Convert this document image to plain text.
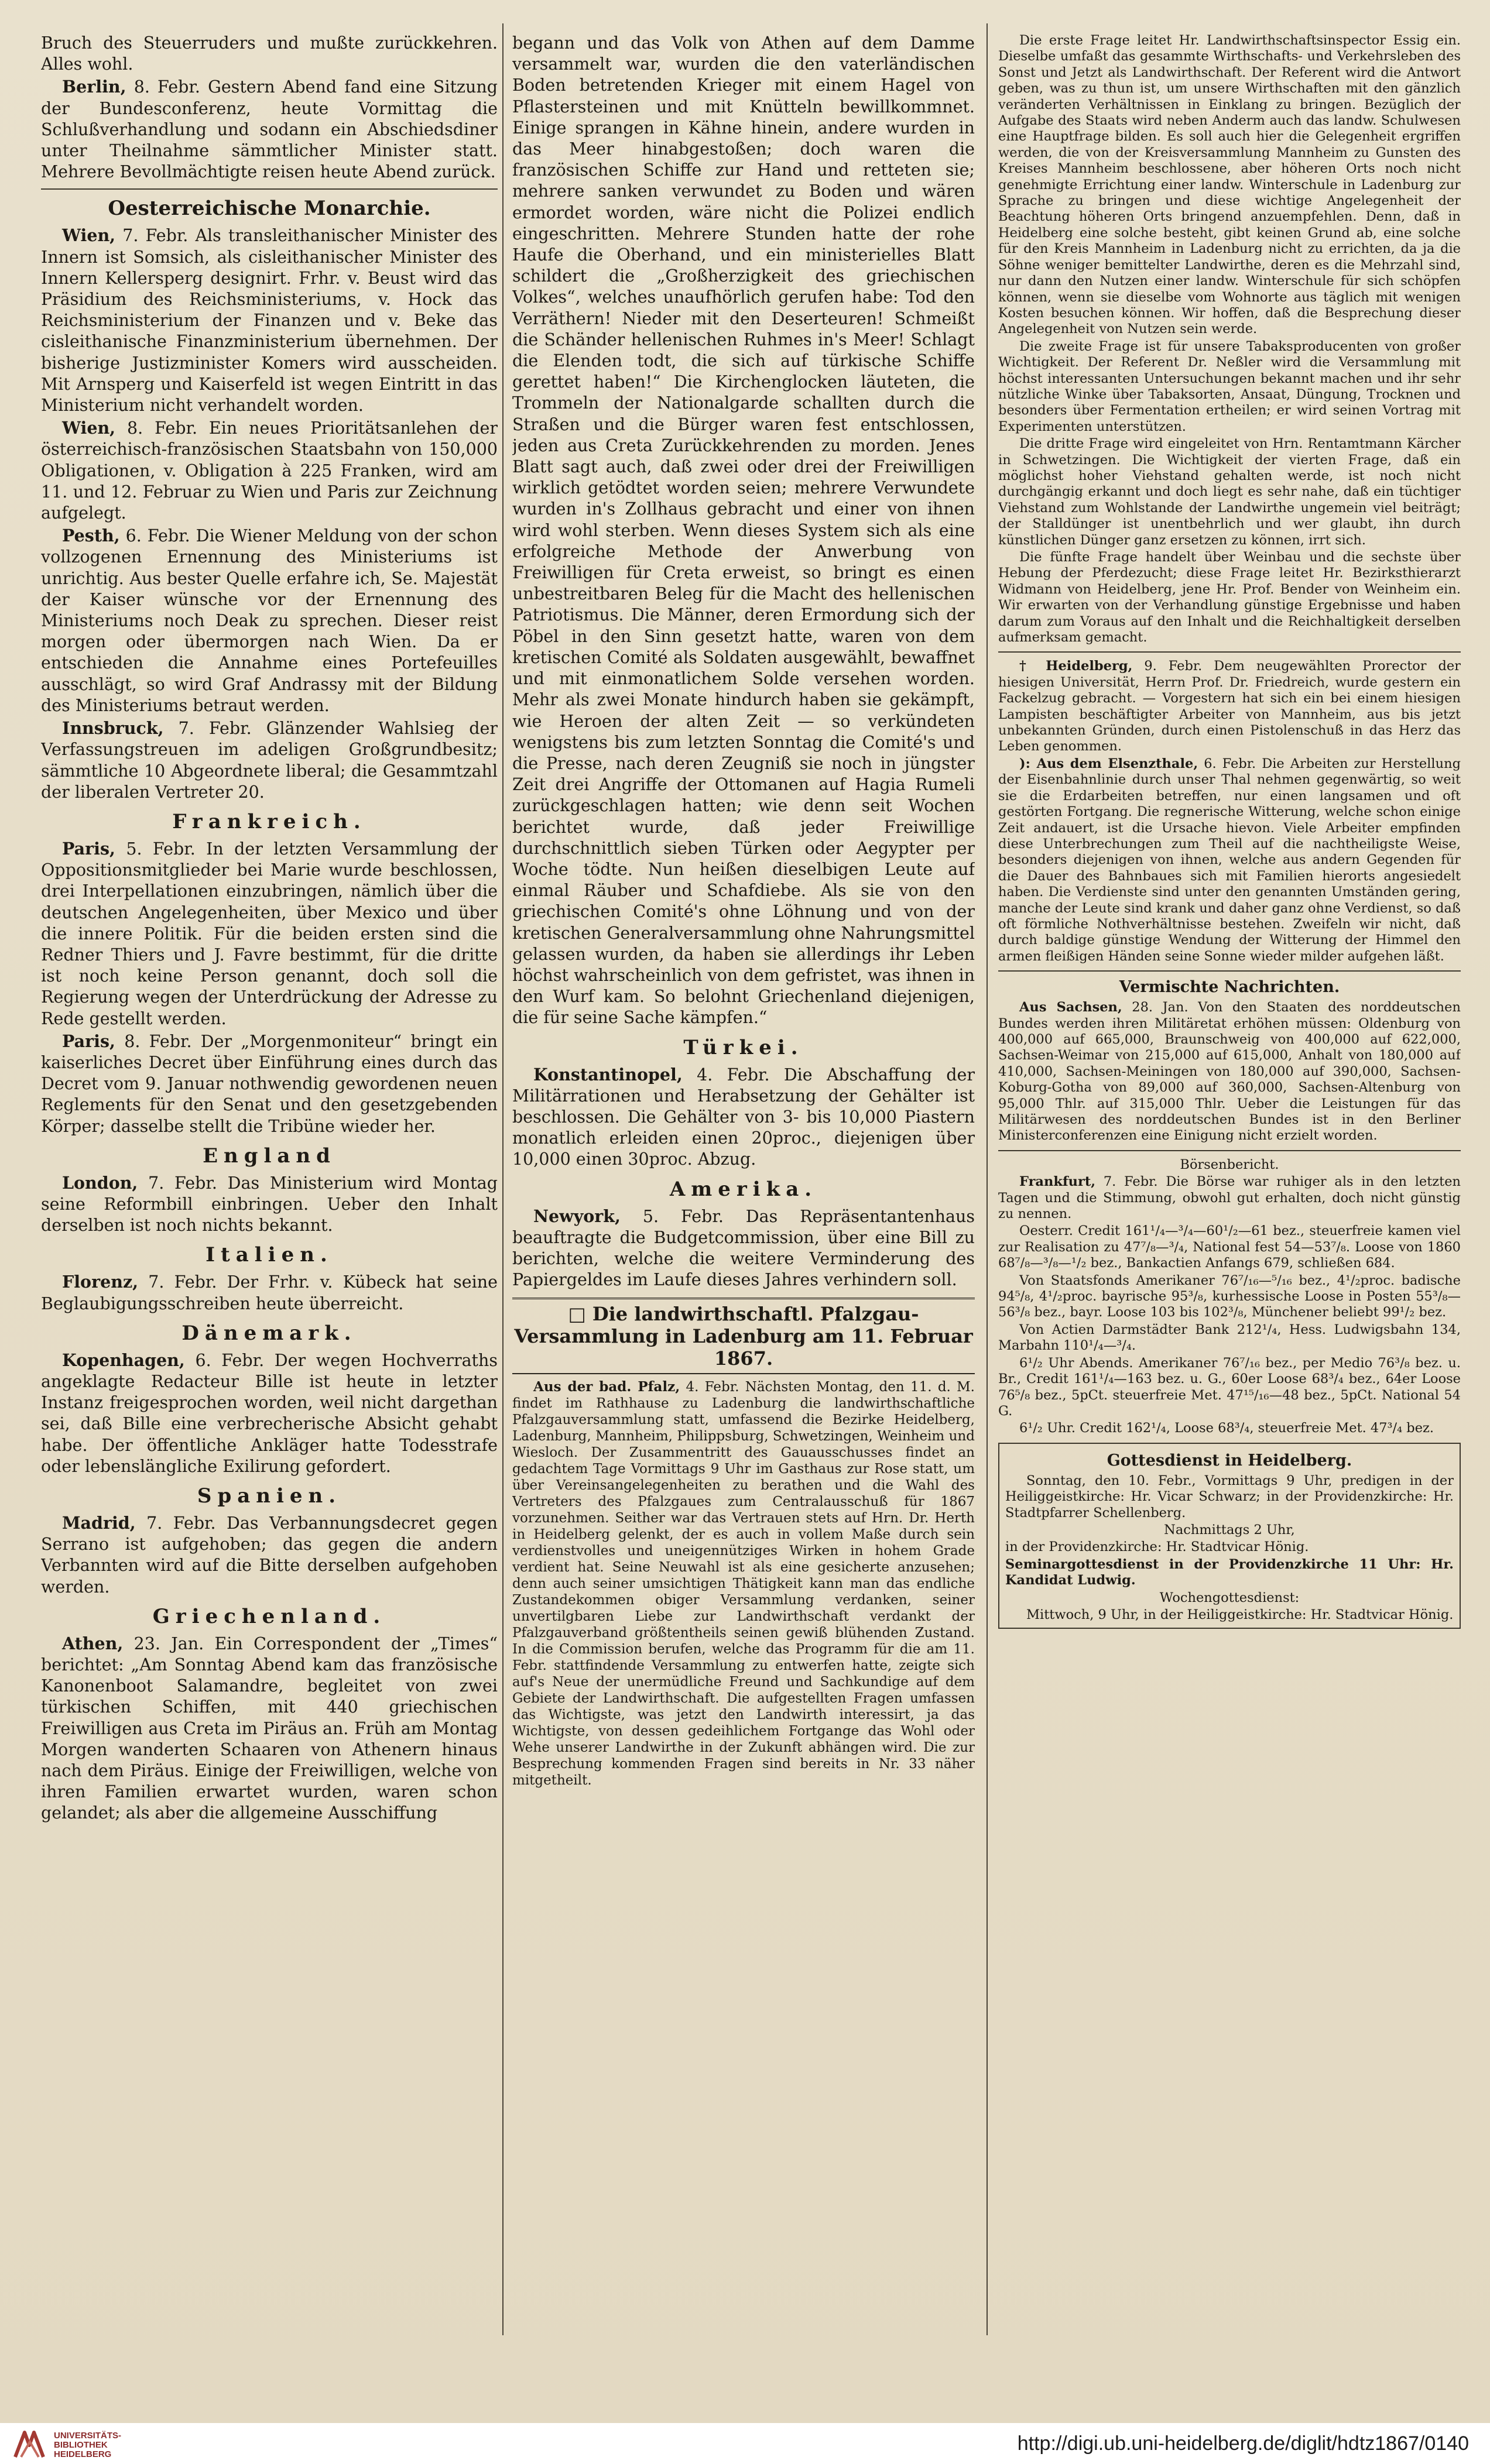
Bruch des Steuerruders und mußte zurückkehren. Alles wohl.

Berlin, 8. Febr. Gestern Abend fand eine Sitzung der Bundesconferenz, heute Vormittag die Schlußverhandlung und sodann ein Abschiedsdiner unter Theilnahme sämmtlicher Minister statt. Mehrere Bevollmächtigte reisen heute Abend zurück.

Oesterreichische Monarchie.

Wien, 7. Febr. Als transleithanischer Minister des Innern ist Somsich, als cisleithanischer Minister des Innern Kellersperg designirt. Frhr. v. Beust wird das Präsidium des Reichsministeriums, v. Hock das Reichsministerium der Finanzen und v. Beke das cisleithanische Finanzministerium übernehmen. Der bisherige Justizminister Komers wird ausscheiden. Mit Arnsperg und Kaiserfeld ist wegen Eintritt in das Ministerium nicht verhandelt worden.

Wien, 8. Febr. Ein neues Prioritätsanlehen der österreichisch-französischen Staatsbahn von 150,000 Obligationen, v. Obligation à 225 Franken, wird am 11. und 12. Februar zu Wien und Paris zur Zeichnung aufgelegt.

Pesth, 6. Febr. Die Wiener Meldung von der schon vollzogenen Ernennung des Ministeriums ist unrichtig. Aus bester Quelle erfahre ich, Se. Majestät der Kaiser wünsche vor der Ernennung des Ministeriums noch Deak zu sprechen. Dieser reist morgen oder übermorgen nach Wien. Da er entschieden die Annahme eines Portefeuilles ausschlägt, so wird Graf Andrassy mit der Bildung des Ministeriums betraut werden.

Innsbruck, 7. Febr. Glänzender Wahlsieg der Verfassungstreuen im adeligen Großgrundbesitz; sämmtliche 10 Abgeordnete liberal; die Gesammtzahl der liberalen Vertreter 20.

Frankreich.

Paris, 5. Febr. In der letzten Versammlung der Oppositionsmitglieder bei Marie wurde beschlossen, drei Interpellationen einzubringen, nämlich über die deutschen Angelegenheiten, über Mexico und über die innere Politik. Für die beiden ersten sind die Redner Thiers und J. Favre bestimmt, für die dritte ist noch keine Person genannt, doch soll die Regierung wegen der Unterdrückung der Adresse zu Rede gestellt werden.

Paris, 8. Febr. Der „Morgenmoniteur“ bringt ein kaiserliches Decret über Einführung eines durch das Decret vom 9. Januar nothwendig gewordenen neuen Reglements für den Senat und den gesetzgebenden Körper; dasselbe stellt die Tribüne wieder her.

England

London, 7. Febr. Das Ministerium wird Montag seine Reformbill einbringen. Ueber den Inhalt derselben ist noch nichts bekannt.

Italien.

Florenz, 7. Febr. Der Frhr. v. Kübeck hat seine Beglaubigungsschreiben heute überreicht.

Dänemark.

Kopenhagen, 6. Febr. Der wegen Hochverraths angeklagte Redacteur Bille ist heute in letzter Instanz freigesprochen worden, weil nicht dargethan sei, daß Bille eine verbrecherische Absicht gehabt habe. Der öffentliche Ankläger hatte Todesstrafe oder lebenslängliche Exilirung gefordert.

Spanien.

Madrid, 7. Febr. Das Verbannungsdecret gegen Serrano ist aufgehoben; das gegen die andern Verbannten wird auf die Bitte derselben aufgehoben werden.

Griechenland.

Athen, 23. Jan. Ein Correspondent der „Times“ berichtet: „Am Sonntag Abend kam das französische Kanonenboot Salamandre, begleitet von zwei türkischen Schiffen, mit 440 griechischen Freiwilligen aus Creta im Piräus an. Früh am Montag Morgen wanderten Schaaren von Athenern hinaus nach dem Piräus. Einige der Freiwilligen, welche von ihren Familien erwartet wurden, waren schon gelandet; als aber die allgemeine Ausschiffung

begann und das Volk von Athen auf dem Damme versammelt war, wurden die den vaterländischen Boden betretenden Krieger mit einem Hagel von Pflastersteinen und mit Knütteln bewillkommnet. Einige sprangen in Kähne hinein, andere wurden in das Meer hinabgestoßen; doch waren die französischen Schiffe zur Hand und retteten sie; mehrere sanken verwundet zu Boden und wären ermordet worden, wäre nicht die Polizei endlich eingeschritten. Mehrere Stunden hatte der rohe Haufe die Oberhand, und ein ministerielles Blatt schildert die „Großherzigkeit des griechischen Volkes“, welches unaufhörlich gerufen habe: Tod den Verräthern! Nieder mit den Deserteuren! Schmeißt die Schänder hellenischen Ruhmes in's Meer! Schlagt die Elenden todt, die sich auf türkische Schiffe gerettet haben!“ Die Kirchenglocken läuteten, die Trommeln der Nationalgarde schallten durch die Straßen und die Bürger waren fest entschlossen, jeden aus Creta Zurückkehrenden zu morden. Jenes Blatt sagt auch, daß zwei oder drei der Freiwilligen wirklich getödtet worden seien; mehrere Verwundete wurden in's Zollhaus gebracht und einer von ihnen wird wohl sterben. Wenn dieses System sich als eine erfolgreiche Methode der Anwerbung von Freiwilligen für Creta erweist, so bringt es einen unbestreitbaren Beleg für die Macht des hellenischen Patriotismus. Die Männer, deren Ermordung sich der Pöbel in den Sinn gesetzt hatte, waren von dem kretischen Comité als Soldaten ausgewählt, bewaffnet und mit einmonatlichem Solde versehen worden. Mehr als zwei Monate hindurch haben sie gekämpft, wie Heroen der alten Zeit — so verkündeten wenigstens bis zum letzten Sonntag die Comité's und die Presse, nach deren Zeugniß sie noch in jüngster Zeit drei Angriffe der Ottomanen auf Hagia Rumeli zurückgeschlagen hatten; wie denn seit Wochen berichtet wurde, daß jeder Freiwillige durchschnittlich sieben Türken oder Aegypter per Woche tödte. Nun heißen dieselbigen Leute auf einmal Räuber und Schafdiebe. Als sie von den griechischen Comité's ohne Löhnung und von der kretischen Generalversammlung ohne Nahrungsmittel gelassen wurden, da haben sie allerdings ihr Leben höchst wahrscheinlich von dem gefristet, was ihnen in den Wurf kam. So belohnt Griechenland diejenigen, die für seine Sache kämpfen.“

Türkei.

Konstantinopel, 4. Febr. Die Abschaffung der Militärrationen und Herabsetzung der Gehälter ist beschlossen. Die Gehälter von 3- bis 10,000 Piastern monatlich erleiden einen 20proc., diejenigen über 10,000 einen 30proc. Abzug.

Amerika.

Newyork, 5. Febr. Das Repräsentantenhaus beauftragte die Budgetcommission, über eine Bill zu berichten, welche die weitere Verminderung des Papiergeldes im Laufe dieses Jahres verhindern soll.

□ Die landwirthschaftl. Pfalzgau-Versammlung in Ladenburg am 11. Februar 1867.

Aus der bad. Pfalz, 4. Febr. Nächsten Montag, den 11. d. M. findet im Rathhause zu Ladenburg die landwirthschaftliche Pfalzgauversammlung statt, umfassend die Bezirke Heidelberg, Ladenburg, Mannheim, Philippsburg, Schwetzingen, Weinheim und Wiesloch. Der Zusammentritt des Gauausschusses findet an gedachtem Tage Vormittags 9 Uhr im Gasthaus zur Rose statt, um über Vereinsangelegenheiten zu berathen und die Wahl des Vertreters des Pfalzgaues zum Centralausschuß für 1867 vorzunehmen. Seither war das Vertrauen stets auf Hrn. Dr. Herth in Heidelberg gelenkt, der es auch in vollem Maße durch sein verdienstvolles und uneigennütziges Wirken in hohem Grade verdient hat. Seine Neuwahl ist als eine gesicherte anzusehen; denn auch seiner umsichtigen Thätigkeit kann man das endliche Zustandekommen obiger Versammlung verdanken, seiner unvertilgbaren Liebe zur Landwirthschaft verdankt der Pfalzgauverband größtentheils seinen gewiß blühenden Zustand. In die Commission berufen, welche das Programm für die am 11. Febr. stattfindende Versammlung zu entwerfen hatte, zeigte sich auf's Neue der unermüdliche Freund und Sachkundige auf dem Gebiete der Landwirthschaft. Die aufgestellten Fragen umfassen das Wichtigste, was jetzt den Landwirth interessirt, ja das Wichtigste, von dessen gedeihlichem Fortgange das Wohl oder Wehe unserer Landwirthe in der Zukunft abhängen wird. Die zur Besprechung kommenden Fragen sind bereits in Nr. 33 näher mitgetheilt.

Die erste Frage leitet Hr. Landwirthschaftsinspector Essig ein. Dieselbe umfaßt das gesammte Wirthschafts- und Verkehrsleben des Sonst und Jetzt als Landwirthschaft. Der Referent wird die Antwort geben, was zu thun ist, um unsere Wirthschaften mit den gänzlich veränderten Verhältnissen in Einklang zu bringen. Bezüglich der Aufgabe des Staats wird neben Anderm auch das landw. Schulwesen eine Hauptfrage bilden. Es soll auch hier die Gelegenheit ergriffen werden, die von der Kreisversammlung Mannheim zu Gunsten des Kreises Mannheim beschlossene, aber höheren Orts noch nicht genehmigte Errichtung einer landw. Winterschule in Ladenburg zur Sprache zu bringen und diese wichtige Angelegenheit der Beachtung höheren Orts bringend anzuempfehlen. Denn, daß in Heidelberg eine solche besteht, gibt keinen Grund ab, eine solche für den Kreis Mannheim in Ladenburg nicht zu errichten, da ja die Söhne weniger bemittelter Landwirthe, deren es die Mehrzahl sind, nur dann den Nutzen einer landw. Winterschule für sich schöpfen können, wenn sie dieselbe vom Wohnorte aus täglich mit wenigen Kosten besuchen können. Wir hoffen, daß die Besprechung dieser Angelegenheit von Nutzen sein werde.

Die zweite Frage ist für unsere Tabaksproducenten von großer Wichtigkeit. Der Referent Dr. Neßler wird die Versammlung mit höchst interessanten Untersuchungen bekannt machen und ihr sehr nützliche Winke über Tabaksorten, Ansaat, Düngung, Trocknen und besonders über Fermentation ertheilen; er wird seinen Vortrag mit Experimenten unterstützen.

Die dritte Frage wird eingeleitet von Hrn. Rentamtmann Kärcher in Schwetzingen. Die Wichtigkeit der vierten Frage, daß ein möglichst hoher Viehstand gehalten werde, ist noch nicht durchgängig erkannt und doch liegt es sehr nahe, daß ein tüchtiger Viehstand zum Wohlstande der Landwirthe ungemein viel beiträgt; der Stalldünger ist unentbehrlich und wer glaubt, ihn durch künstlichen Dünger ganz ersetzen zu können, irrt sich.

Die fünfte Frage handelt über Weinbau und die sechste über Hebung der Pferdezucht; diese Frage leitet Hr. Bezirksthierarzt Widmann von Heidelberg, jene Hr. Prof. Bender von Weinheim ein. Wir erwarten von der Verhandlung günstige Ergebnisse und haben darum zum Voraus auf den Inhalt und die Reichhaltigkeit derselben aufmerksam gemacht.

† Heidelberg, 9. Febr. Dem neugewählten Prorector der hiesigen Universität, Herrn Prof. Dr. Friedreich, wurde gestern ein Fackelzug gebracht. — Vorgestern hat sich ein bei einem hiesigen Lampisten beschäftigter Arbeiter von Mannheim, aus bis jetzt unbekannten Gründen, durch einen Pistolenschuß in das Herz das Leben genommen.

): Aus dem Elsenzthale, 6. Febr. Die Arbeiten zur Herstellung der Eisenbahnlinie durch unser Thal nehmen gegenwärtig, so weit sie die Erdarbeiten betreffen, nur einen langsamen und oft gestörten Fortgang. Die regnerische Witterung, welche schon einige Zeit andauert, ist die Ursache hievon. Viele Arbeiter empfinden diese Unterbrechungen zum Theil auf die nachtheiligste Weise, besonders diejenigen von ihnen, welche aus andern Gegenden für die Dauer des Bahnbaues sich mit Familien hierorts angesiedelt haben. Die Verdienste sind unter den genannten Umständen gering, manche der Leute sind krank und daher ganz ohne Verdienst, so daß oft förmliche Nothverhältnisse bestehen. Zweifeln wir nicht, daß durch baldige günstige Wendung der Witterung der Himmel den armen fleißigen Händen seine Sonne wieder milder aufgehen läßt.

Vermischte Nachrichten.

Aus Sachsen, 28. Jan. Von den Staaten des norddeutschen Bundes werden ihren Militäretat erhöhen müssen: Oldenburg von 400,000 auf 665,000, Braunschweig von 400,000 auf 622,000, Sachsen-Weimar von 215,000 auf 615,000, Anhalt von 180,000 auf 410,000, Sachsen-Meiningen von 180,000 auf 390,000, Sachsen-Koburg-Gotha von 89,000 auf 360,000, Sachsen-Altenburg von 95,000 Thlr. auf 315,000 Thlr. Ueber die Leistungen für das Militärwesen des norddeutschen Bundes ist in den Berliner Ministerconferenzen eine Einigung nicht erzielt worden.

Börsenbericht.

Frankfurt, 7. Febr. Die Börse war ruhiger als in den letzten Tagen und die Stimmung, obwohl gut erhalten, doch nicht günstig zu nennen.

Oesterr. Credit 161¹/₄—³/₄—60¹/₂—61 bez., steuerfreie kamen viel zur Realisation zu 47⁷/₈—³/₄, National fest 54—53⁷/₈. Loose von 1860 68⁷/₈—³/₈—¹/₂ bez., Bankactien Anfangs 679, schließen 684.

Von Staatsfonds Amerikaner 76⁷/₁₆—⁵/₁₆ bez., 4¹/₂proc. badische 94⁵/₈, 4¹/₂proc. bayrische 95³/₈, kurhessische Loose in Posten 55³/₈—56³/₈ bez., bayr. Loose 103 bis 102³/₈, Münchener beliebt 99¹/₂ bez.

Von Actien Darmstädter Bank 212¹/₄, Hess. Ludwigsbahn 134, Marbahn 110¹/₄—³/₄.

6¹/₂ Uhr Abends. Amerikaner 76⁷/₁₆ bez., per Medio 76³/₈ bez. u. Br., Credit 161¹/₄—163 bez. u. G., 60er Loose 68³/₄ bez., 64er Loose 76⁵/₈ bez., 5pCt. steuerfreie Met. 47¹⁵/₁₆—48 bez., 5pCt. National 54 G.

6¹/₂ Uhr. Credit 162¹/₄, Loose 68³/₄, steuerfreie Met. 47³/₄ bez.

Gottesdienst in Heidelberg.

Sonntag, den 10. Febr., Vormittags 9 Uhr, predigen in der Heiliggeistkirche: Hr. Vicar Schwarz; in der Providenzkirche: Hr. Stadtpfarrer Schellenberg.

Nachmittags 2 Uhr,

in der Providenzkirche: Hr. Stadtvicar Hönig.

Seminargottesdienst in der Providenzkirche 11 Uhr: Hr. Kandidat Ludwig.

Wochengottesdienst:

Mittwoch, 9 Uhr, in der Heiliggeistkirche: Hr. Stadtvicar Hönig.

UNIVERSITÄTS-
BIBLIOTHEK
HEIDELBERG	http://digi.ub.uni-heidelberg.de/diglit/hdtz1867/0140
